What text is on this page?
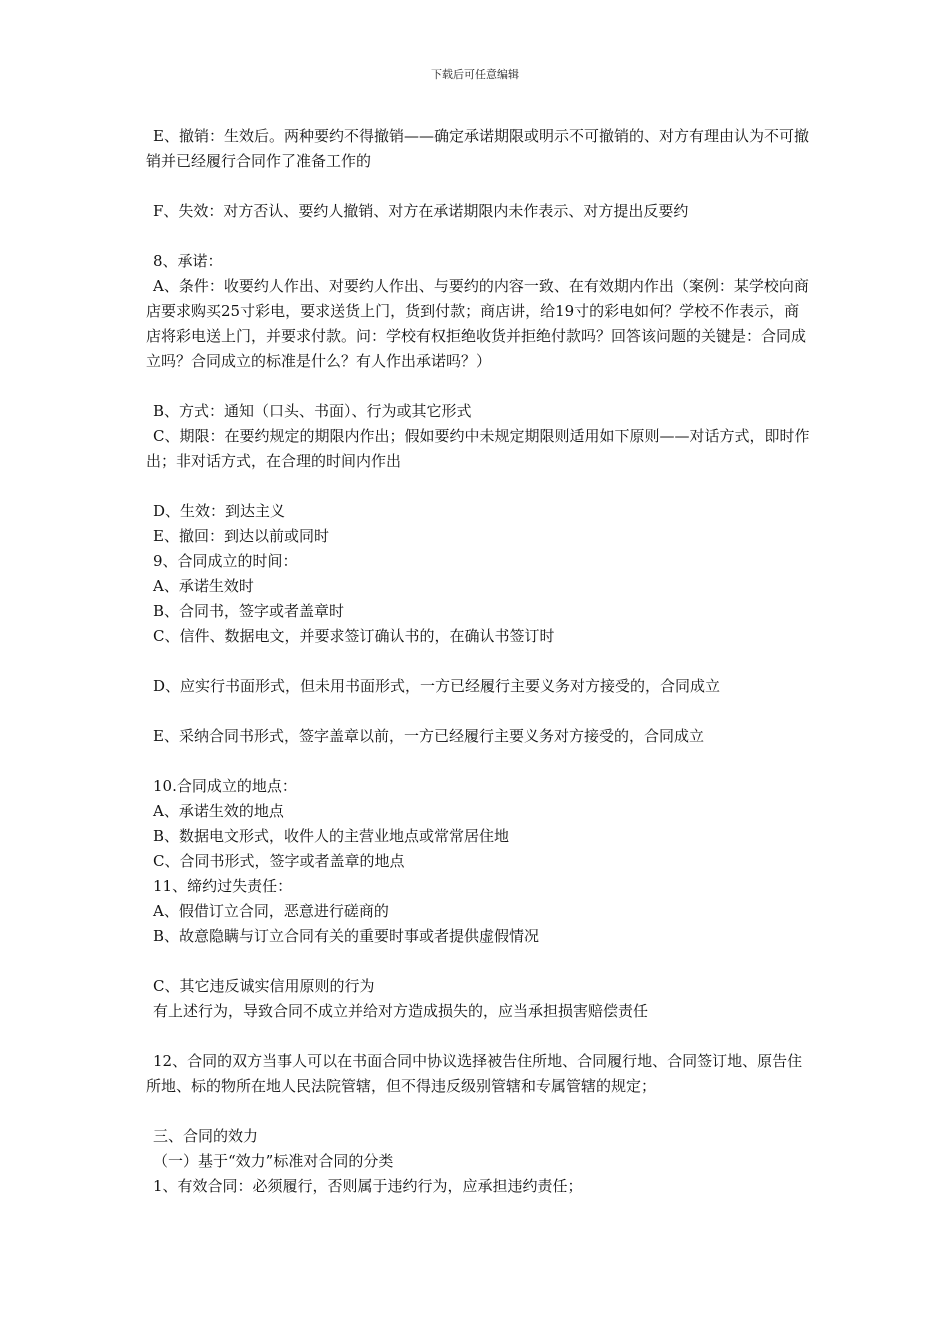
下载后可任意编辑
E、撤销：生效后。两种要约不得撤销——确定承诺期限或明示不可撤销的、对方有理由认为不可撤销并已经履行合同作了准备工作的
F、失效：对方否认、要约人撤销、对方在承诺期限内未作表示、对方提出反要约
8、承诺：
A、条件：收要约人作出、对要约人作出、与要约的内容一致、在有效期内作出（案例：某学校向商店要求购买25寸彩电，要求送货上门，货到付款；商店讲，给19寸的彩电如何？学校不作表示，商店将彩电送上门，并要求付款。问：学校有权拒绝收货并拒绝付款吗？回答该问题的关键是：合同成立吗？合同成立的标准是什么？有人作出承诺吗？）
B、方式：通知（口头、书面）、行为或其它形式
C、期限：在要约规定的期限内作出；假如要约中未规定期限则适用如下原则——对话方式，即时作出；非对话方式，在合理的时间内作出
D、生效：到达主义
E、撤回：到达以前或同时
9、合同成立的时间：
A、承诺生效时
B、合同书，签字或者盖章时
C、信件、数据电文，并要求签订确认书的，在确认书签订时
D、应实行书面形式，但未用书面形式，一方已经履行主要义务对方接受的，合同成立
E、采纳合同书形式，签字盖章以前，一方已经履行主要义务对方接受的，合同成立
10.合同成立的地点：
A、承诺生效的地点
B、数据电文形式，收件人的主营业地点或常常居住地
C、合同书形式，签字或者盖章的地点
11、缔约过失责任：
A、假借订立合同，恶意进行磋商的
B、故意隐瞒与订立合同有关的重要时事或者提供虚假情况
C、其它违反诚实信用原则的行为
有上述行为，导致合同不成立并给对方造成损失的，应当承担损害赔偿责任
12、合同的双方当事人可以在书面合同中协议选择被告住所地、合同履行地、合同签订地、原告住所地、标的物所在地人民法院管辖，但不得违反级别管辖和专属管辖的规定；
三、合同的效力
（一）基于“效力”标准对合同的分类
1、有效合同：必须履行，否则属于违约行为，应承担违约责任；
